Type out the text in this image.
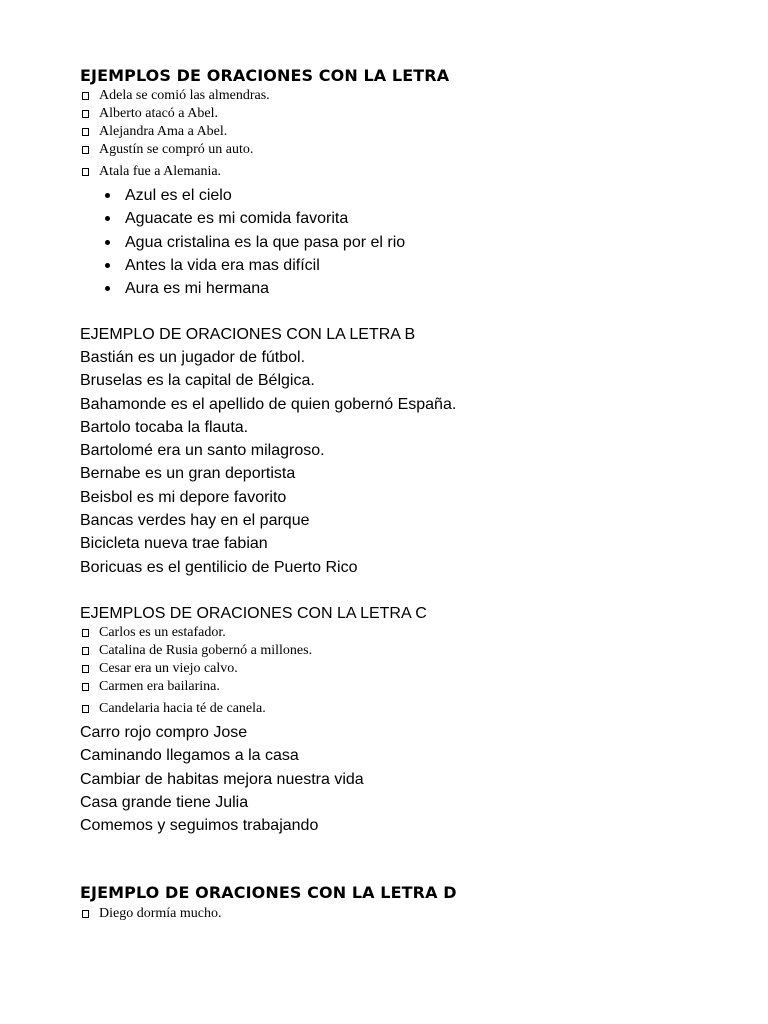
EJEMPLOS DE ORACIONES CON LA LETRA
Adela se comió las almendras.
Alberto atacó a Abel.
Alejandra Ama a Abel.
Agustín se compró un auto.
Atala fue a Alemania.
Azul es el cielo
Aguacate es mi comida favorita
Agua cristalina es la que pasa por el rio
Antes la vida era mas difícil
Aura es mi hermana
EJEMPLO DE ORACIONES CON LA LETRA B
Bastián es un jugador de fútbol.
Bruselas es la capital de Bélgica.
Bahamonde es el apellido de quien gobernó España.
Bartolo tocaba la flauta.
Bartolomé era un santo milagroso.
Bernabe es un gran deportista
Beisbol es mi depore favorito
Bancas verdes hay en el parque
Bicicleta nueva trae fabian
Boricuas es el gentilicio de Puerto Rico
EJEMPLOS DE ORACIONES CON LA LETRA C
Carlos es un estafador.
Catalina de Rusia gobernó a millones.
Cesar era un viejo calvo.
Carmen era bailarina.
Candelaria hacia té de canela.
Carro rojo compro Jose
Caminando llegamos a la casa
Cambiar de habitas mejora nuestra vida
Casa grande tiene Julia
Comemos y seguimos trabajando
EJEMPLO DE ORACIONES CON LA LETRA D
Diego dormía mucho.
